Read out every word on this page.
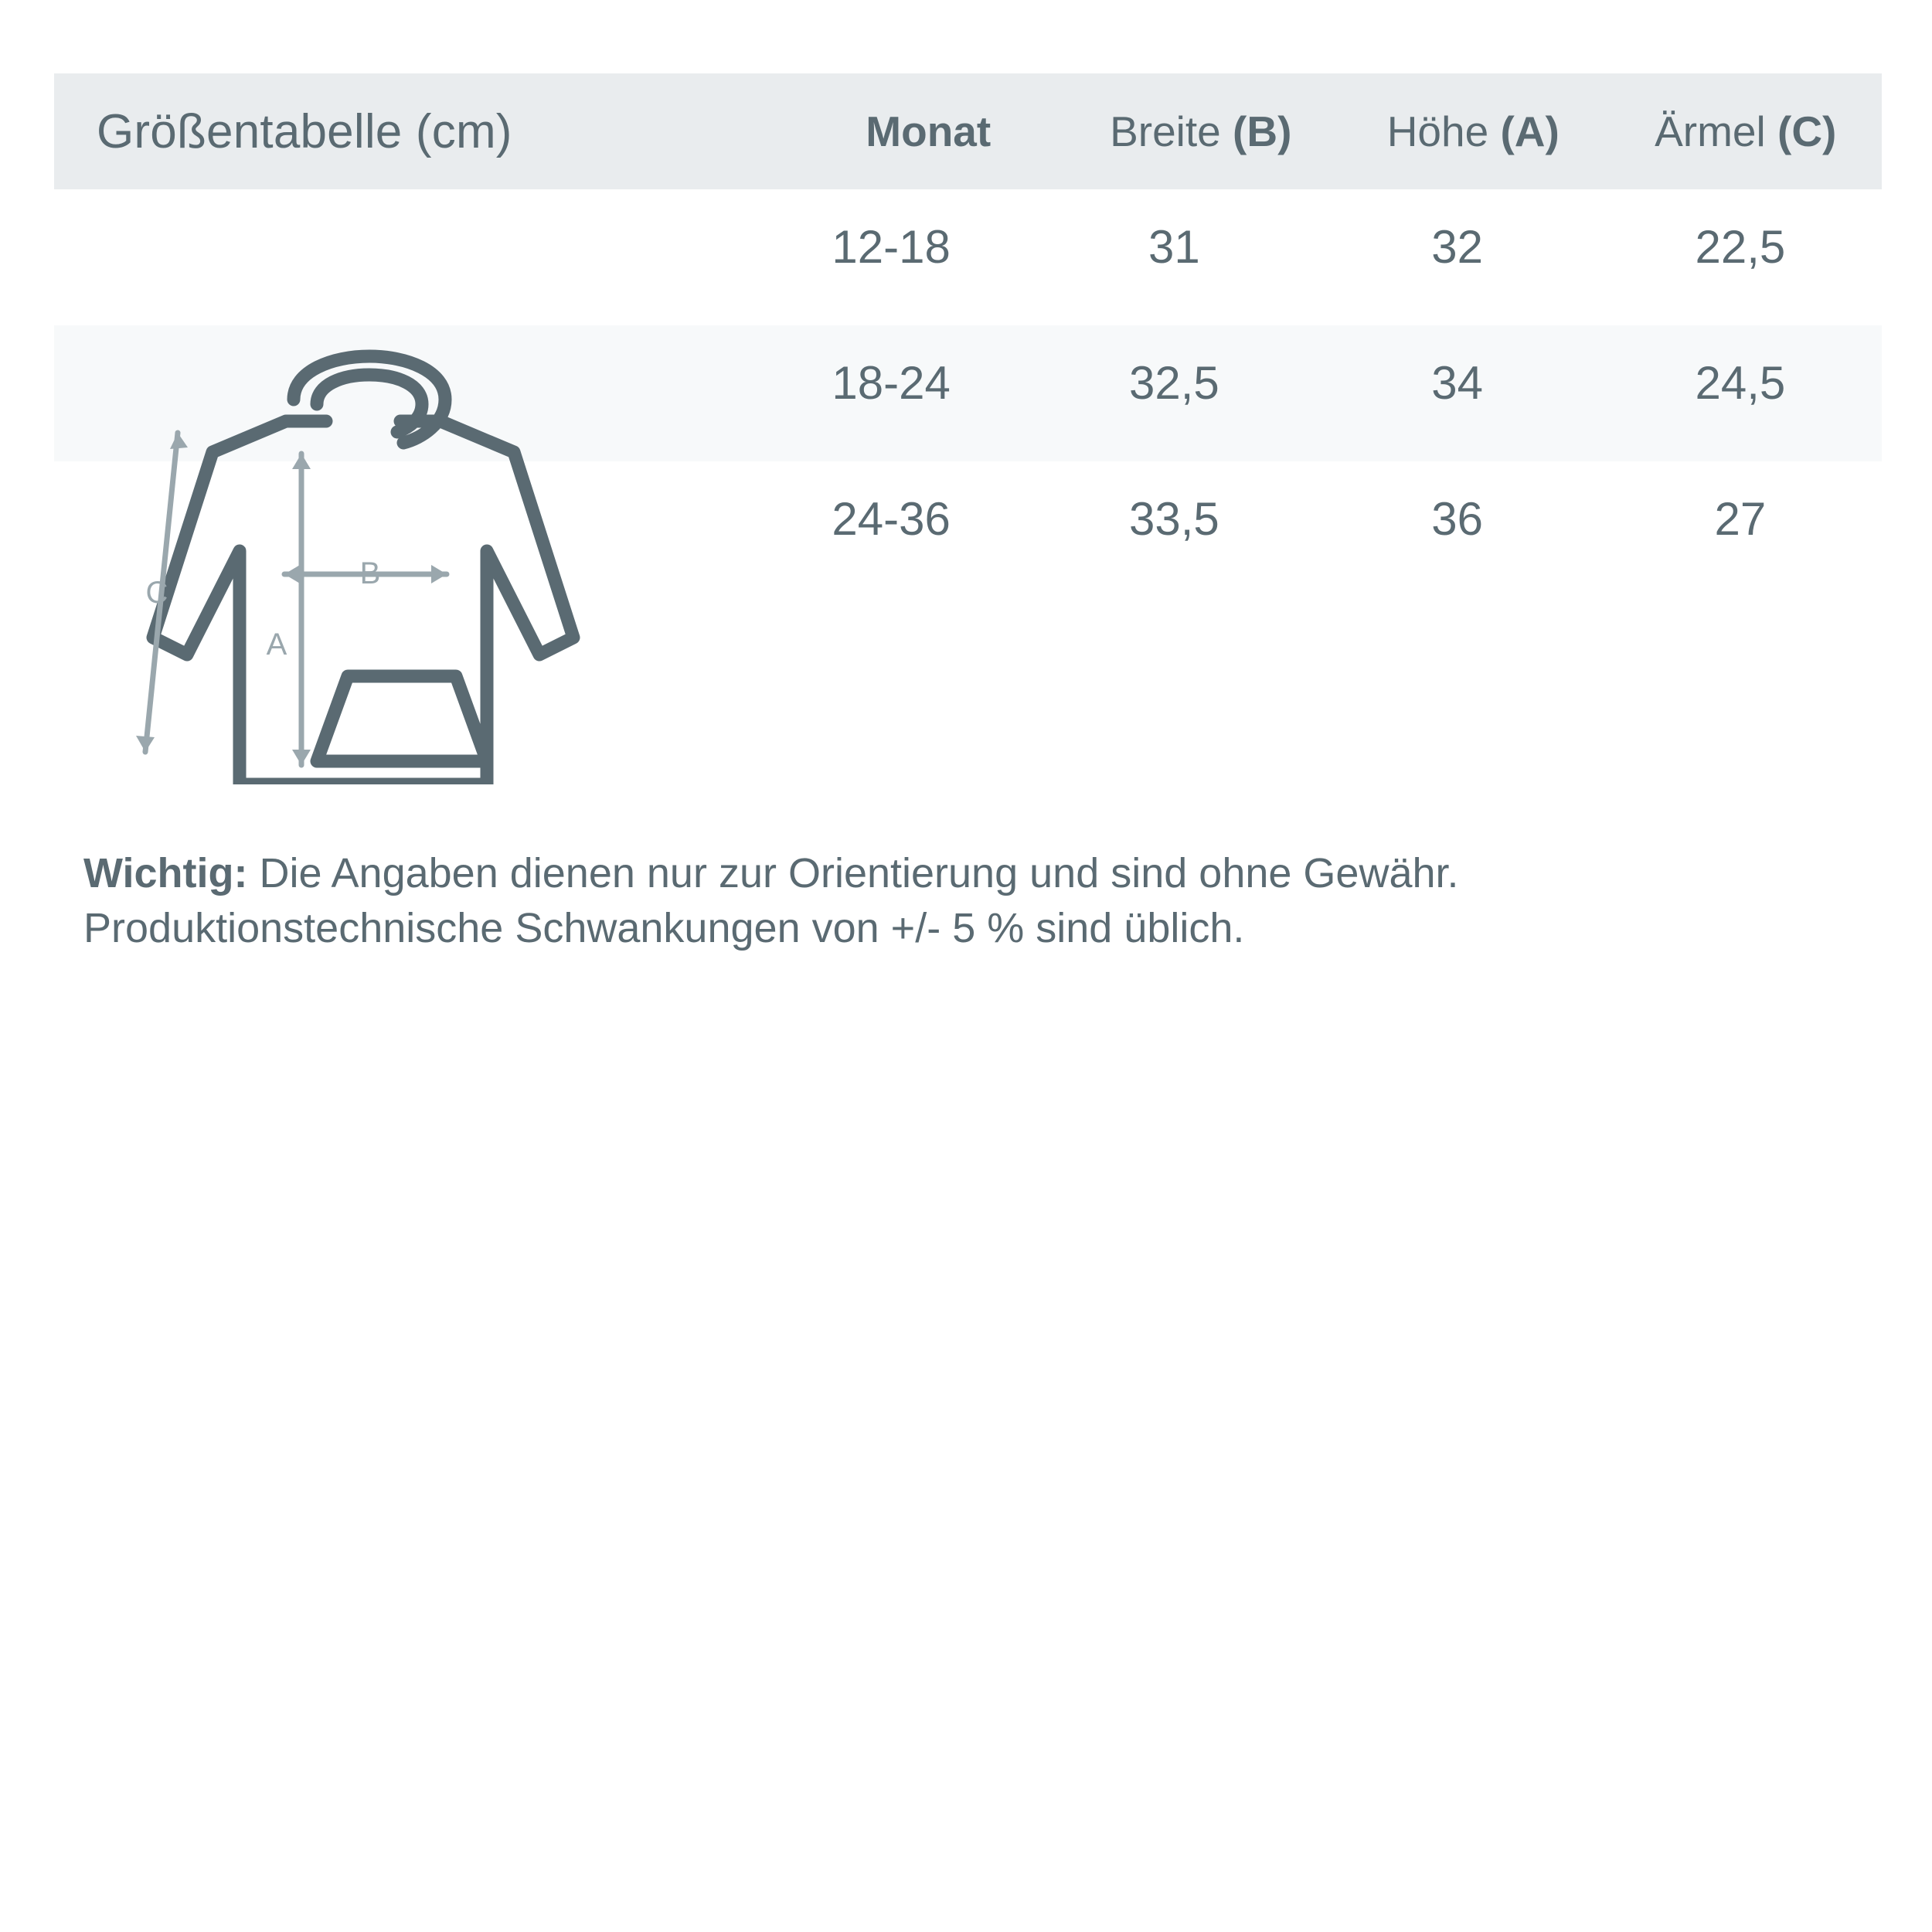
Größentabelle (cm)	Monat	Breite (B)	Höhe (A)	Ärmel (C)
B
A
C
12-18	31	32	22,5
18-24	32,5	34	24,5
24-36	33,5	36	27
Wichtig: Die Angaben dienen nur zur Orientierung und sind ohne Gewähr. Produktionstechnische Schwankungen von +/- 5 % sind üblich.
